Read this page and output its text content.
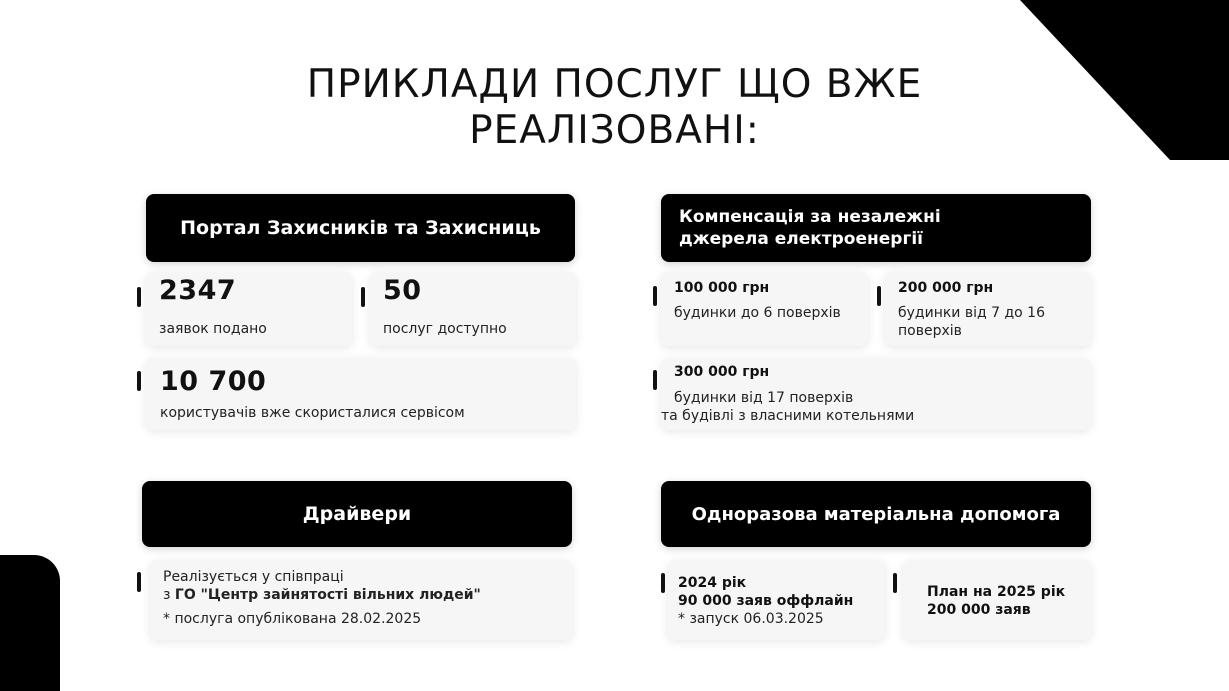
ПРИКЛАДИ ПОСЛУГ ЩО ВЖЕ
РЕАЛІЗОВАНІ:
Портал Захисників та Захисниць
2347
заявок подано
50
послуг доступно
10 700
користувачів вже скористалися сервісом
Компенсація за незалежні
джерела електроенергії
100 000 грн
будинки до 6 поверхів
200 000 грн
будинки від 7 до 16
поверхів
300 000 грн
будинки від 17 поверхів
та будівлі з власними котельнями
Драйвери
Реалізується у співпраці
з ГО "Центр зайнятості вільних людей"
* послуга опублікована 28.02.2025
Одноразова матеріальна допомога
2024 рік
90 000 заяв оффлайн
* запуск 06.03.2025
План на 2025 рік
200 000 заяв
